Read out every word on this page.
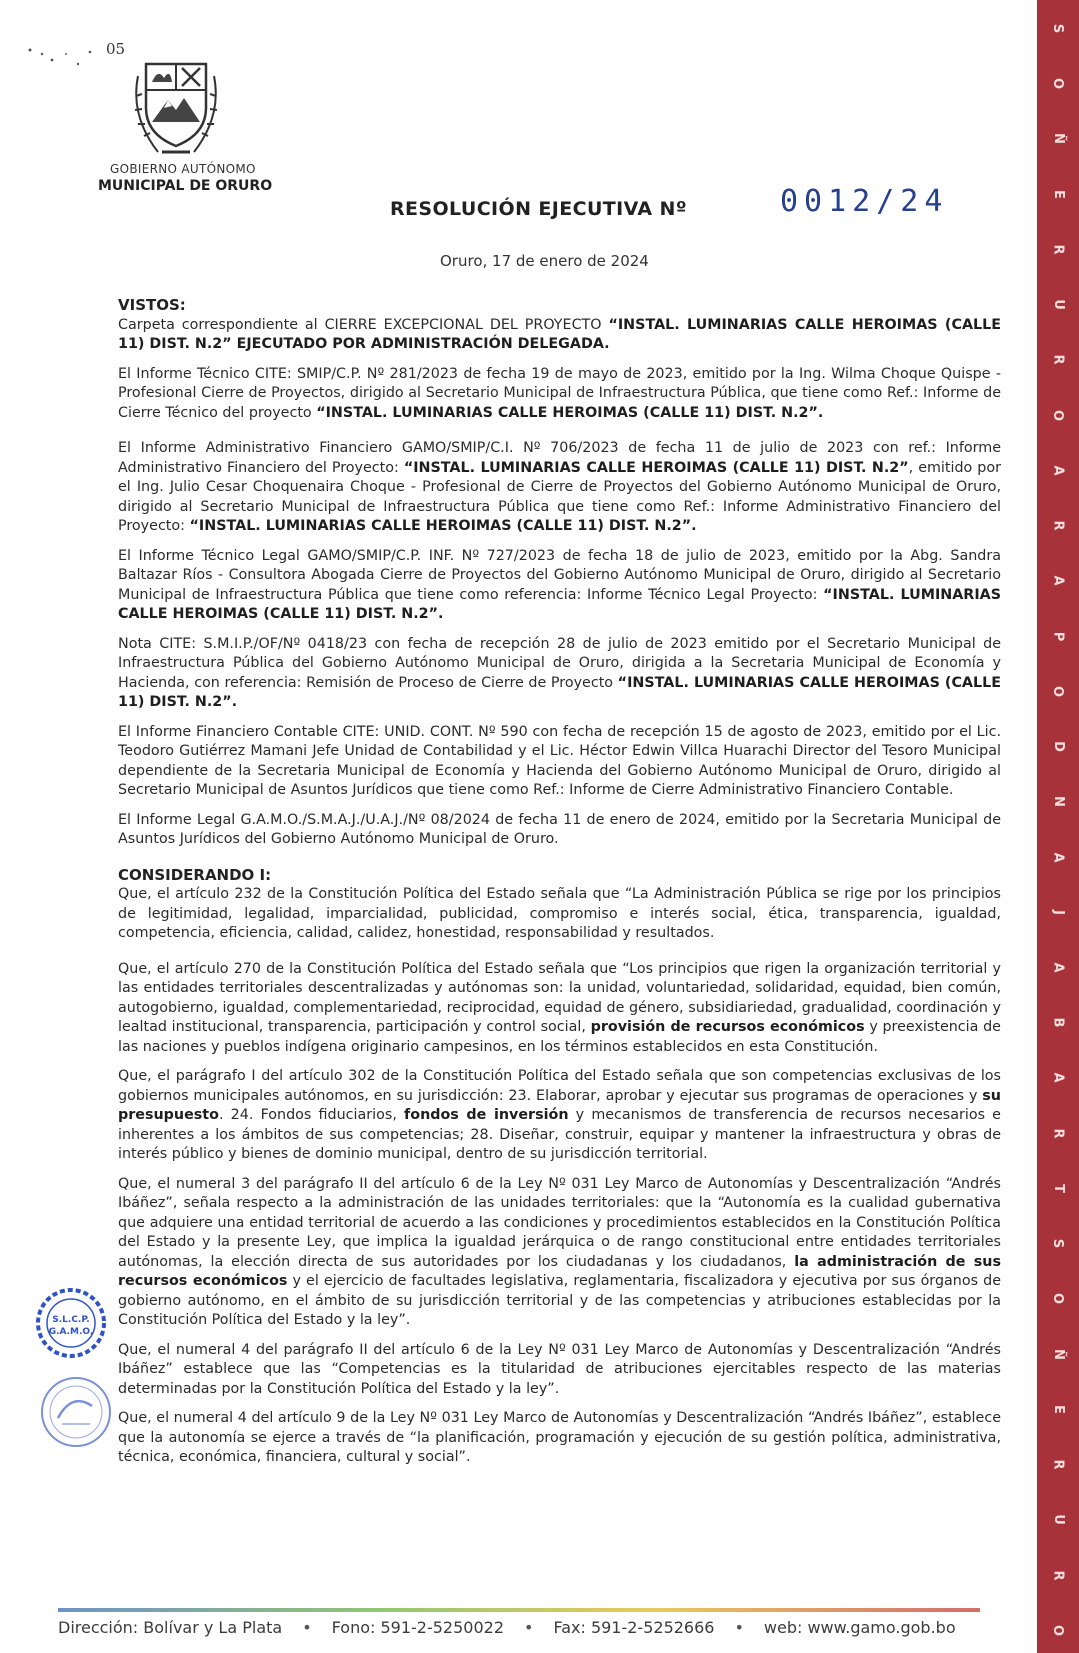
S
O
Ñ
E
R
U
R
O
A
R
A
P
O
D
N
A
J
A
B
A
R
T
S
O
Ñ
E
R
U
R
O
05
GOBIERNO AUTÓNOMO
MUNICIPAL DE ORURO
RESOLUCIÓN EJECUTIVA Nº	0012/24
Oruro, 17 de enero de 2024

VISTOS:

Carpeta correspondiente al CIERRE EXCEPCIONAL DEL PROYECTO “INSTAL. LUMINARIAS CALLE HEROIMAS (CALLE 11) DIST. N.2” EJECUTADO POR ADMINISTRACIÓN DELEGADA.

El Informe Técnico CITE: SMIP/C.P. Nº 281/2023 de fecha 19 de mayo de 2023, emitido por la Ing. Wilma Choque Quispe - Profesional Cierre de Proyectos, dirigido al Secretario Municipal de Infraestructura Pública, que tiene como Ref.: Informe de Cierre Técnico del proyecto “INSTAL. LUMINARIAS CALLE HEROIMAS (CALLE 11) DIST. N.2”.

El Informe Administrativo Financiero GAMO/SMIP/C.I. Nº 706/2023 de fecha 11 de julio de 2023 con ref.: Informe Administrativo Financiero del Proyecto: “INSTAL. LUMINARIAS CALLE HEROIMAS (CALLE 11) DIST. N.2”, emitido por el Ing. Julio Cesar Choquenaira Choque - Profesional de Cierre de Proyectos del Gobierno Autónomo Municipal de Oruro, dirigido al Secretario Municipal de Infraestructura Pública que tiene como Ref.: Informe Administrativo Financiero del Proyecto: “INSTAL. LUMINARIAS CALLE HEROIMAS (CALLE 11) DIST. N.2”.

El Informe Técnico Legal GAMO/SMIP/C.P. INF. Nº 727/2023 de fecha 18 de julio de 2023, emitido por la Abg. Sandra Baltazar Ríos - Consultora Abogada Cierre de Proyectos del Gobierno Autónomo Municipal de Oruro, dirigido al Secretario Municipal de Infraestructura Pública que tiene como referencia: Informe Técnico Legal Proyecto: “INSTAL. LUMINARIAS CALLE HEROIMAS (CALLE 11) DIST. N.2”.

Nota CITE: S.M.I.P./OF/Nº 0418/23 con fecha de recepción 28 de julio de 2023 emitido por el Secretario Municipal de Infraestructura Pública del Gobierno Autónomo Municipal de Oruro, dirigida a la Secretaria Municipal de Economía y Hacienda, con referencia: Remisión de Proceso de Cierre de Proyecto “INSTAL. LUMINARIAS CALLE HEROIMAS (CALLE 11) DIST. N.2”.

El Informe Financiero Contable CITE: UNID. CONT. Nº 590 con fecha de recepción 15 de agosto de 2023, emitido por el Lic. Teodoro Gutiérrez Mamani Jefe Unidad de Contabilidad y el Lic. Héctor Edwin Villca Huarachi Director del Tesoro Municipal dependiente de la Secretaria Municipal de Economía y Hacienda del Gobierno Autónomo Municipal de Oruro, dirigido al Secretario Municipal de Asuntos Jurídicos que tiene como Ref.: Informe de Cierre Administrativo Financiero Contable.

El Informe Legal G.A.M.O./S.M.A.J./U.A.J./Nº 08/2024 de fecha 11 de enero de 2024, emitido por la Secretaria Municipal de Asuntos Jurídicos del Gobierno Autónomo Municipal de Oruro.

CONSIDERANDO I:

Que, el artículo 232 de la Constitución Política del Estado señala que “La Administración Pública se rige por los principios de legitimidad, legalidad, imparcialidad, publicidad, compromiso e interés social, ética, transparencia, igualdad, competencia, eficiencia, calidad, calidez, honestidad, responsabilidad y resultados.

Que, el artículo 270 de la Constitución Política del Estado señala que “Los principios que rigen la organización territorial y las entidades territoriales descentralizadas y autónomas son: la unidad, voluntariedad, solidaridad, equidad, bien común, autogobierno, igualdad, complementariedad, reciprocidad, equidad de género, subsidiariedad, gradualidad, coordinación y lealtad institucional, transparencia, participación y control social, provisión de recursos económicos y preexistencia de las naciones y pueblos indígena originario campesinos, en los términos establecidos en esta Constitución.

Que, el parágrafo I del artículo 302 de la Constitución Política del Estado señala que son competencias exclusivas de los gobiernos municipales autónomos, en su jurisdicción: 23. Elaborar, aprobar y ejecutar sus programas de operaciones y su presupuesto. 24. Fondos fiduciarios, fondos de inversión y mecanismos de transferencia de recursos necesarios e inherentes a los ámbitos de sus competencias; 28. Diseñar, construir, equipar y mantener la infraestructura y obras de interés público y bienes de dominio municipal, dentro de su jurisdicción territorial.

Que, el numeral 3 del parágrafo II del artículo 6 de la Ley Nº 031 Ley Marco de Autonomías y Descentralización “Andrés Ibáñez”, señala respecto a la administración de las unidades territoriales: que la “Autonomía es la cualidad gubernativa que adquiere una entidad territorial de acuerdo a las condiciones y procedimientos establecidos en la Constitución Política del Estado y la presente Ley, que implica la igualdad jerárquica o de rango constitucional entre entidades territoriales autónomas, la elección directa de sus autoridades por los ciudadanas y los ciudadanos, la administración de sus recursos económicos y el ejercicio de facultades legislativa, reglamentaria, fiscalizadora y ejecutiva por sus órganos de gobierno autónomo, en el ámbito de su jurisdicción territorial y de las competencias y atribuciones establecidas por la Constitución Política del Estado y la ley”.

Que, el numeral 4 del parágrafo II del artículo 6 de la Ley Nº 031 Ley Marco de Autonomías y Descentralización “Andrés Ibáñez” establece que las “Competencias es la titularidad de atribuciones ejercitables respecto de las materias determinadas por la Constitución Política del Estado y la ley”.

Que, el numeral 4 del artículo 9 de la Ley Nº 031 Ley Marco de Autonomías y Descentralización “Andrés Ibáñez”, establece que la autonomía se ejerce a través de “la planificación, programación y ejecución de su gestión política, administrativa, técnica, económica, financiera, cultural y social”.

S.L.C.P.
G.A.M.O.
Dirección: Bolívar y La Plata • Fono: 591-2-5250022 • Fax: 591-2-5252666 • web: www.gamo.gob.bo
